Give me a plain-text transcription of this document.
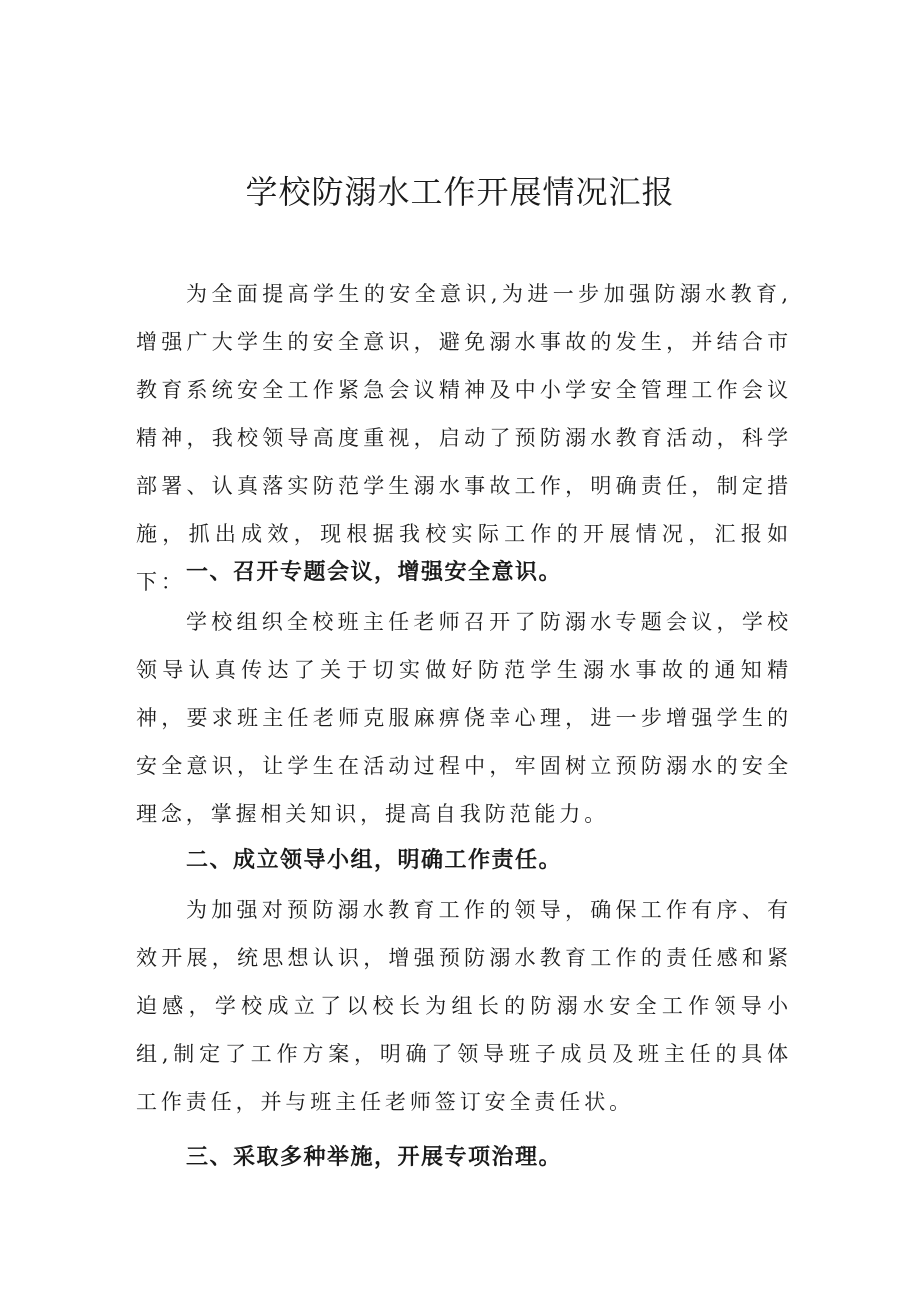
学校防溺水工作开展情况汇报

为全面提高学生的安全意识,为进一步加强防溺水教育,增强广大学生的安全意识，避免溺水事故的发生，并结合市教育系统安全工作紧急会议精神及中小学安全管理工作会议精神，我校领导高度重视，启动了预防溺水教育活动，科学部署、认真落实防范学生溺水事故工作，明确责任，制定措施，抓出成效，现根据我校实际工作的开展情况，汇报如下： 一、召开专题会议，增强安全意识。

学校组织全校班主任老师召开了防溺水专题会议，学校领导认真传达了关于切实做好防范学生溺水事故的通知精神，要求班主任老师克服麻痹侥幸心理，进一步增强学生的安全意识，让学生在活动过程中，牢固树立预防溺水的安全理念，掌握相关知识，提高自我防范能力。

二、成立领导小组，明确工作责任。

为加强对预防溺水教育工作的领导，确保工作有序、有效开展，统思想认识，增强预防溺水教育工作的责任感和紧迫感，学校成立了以校长为组长的防溺水安全工作领导小组,制定了工作方案，明确了领导班子成员及班主任的具体工作责任，并与班主任老师签订安全责任状。

三、采取多种举施，开展专项治理。
